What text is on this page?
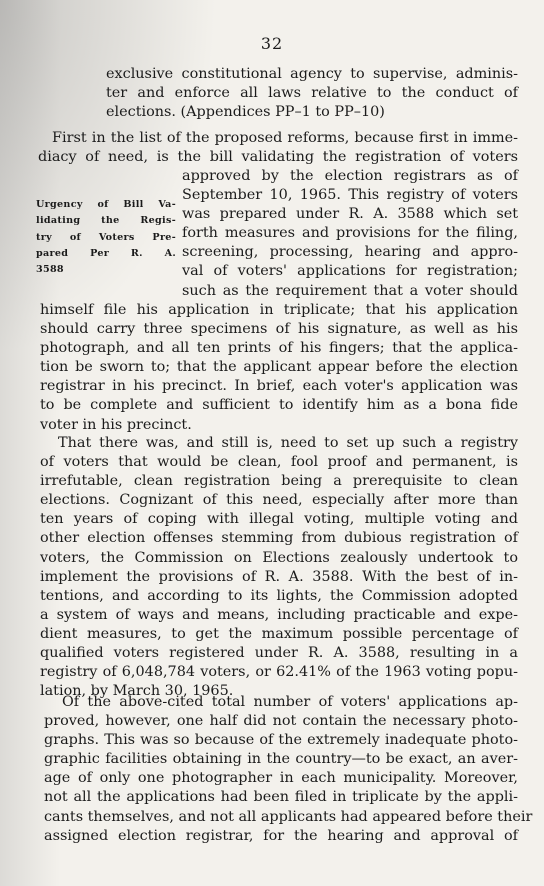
32
exclusive constitutional agency to supervise, adminis-
ter and enforce all laws relative to the conduct of
elections. (Appendices PP–1 to PP–10)
First in the list of the proposed reforms, because first in imme-
diacy of need, is the bill validating the registration of voters
Urgency of Bill Va-
lidating the Regis-
try of Voters Pre-
pared Per R. A.
3588
approved by the election registrars as of
September 10, 1965. This registry of voters
was prepared under R. A. 3588 which set
forth measures and provisions for the filing,
screening, processing, hearing and appro-
val of voters' applications for registration;
such as the requirement that a voter should
himself file his application in triplicate; that his application
should carry three specimens of his signature, as well as his
photograph, and all ten prints of his fingers; that the applica-
tion be sworn to; that the applicant appear before the election
registrar in his precinct. In brief, each voter's application was
to be complete and sufficient to identify him as a bona fide
voter in his precinct.
That there was, and still is, need to set up such a registry
of voters that would be clean, fool proof and permanent, is
irrefutable, clean registration being a prerequisite to clean
elections. Cognizant of this need, especially after more than
ten years of coping with illegal voting, multiple voting and
other election offenses stemming from dubious registration of
voters, the Commission on Elections zealously undertook to
implement the provisions of R. A. 3588. With the best of in-
tentions, and according to its lights, the Commission adopted
a system of ways and means, including practicable and expe-
dient measures, to get the maximum possible percentage of
qualified voters registered under R. A. 3588, resulting in a
registry of 6,048,784 voters, or 62.41% of the 1963 voting popu-
lation, by March 30, 1965.
Of the above-cited total number of voters' applications ap-
proved, however, one half did not contain the necessary photo-
graphs. This was so because of the extremely inadequate photo-
graphic facilities obtaining in the country—to be exact, an aver-
age of only one photographer in each municipality. Moreover,
not all the applications had been filed in triplicate by the appli-
cants themselves, and not all applicants had appeared before their
assigned election registrar, for the hearing and approval of
